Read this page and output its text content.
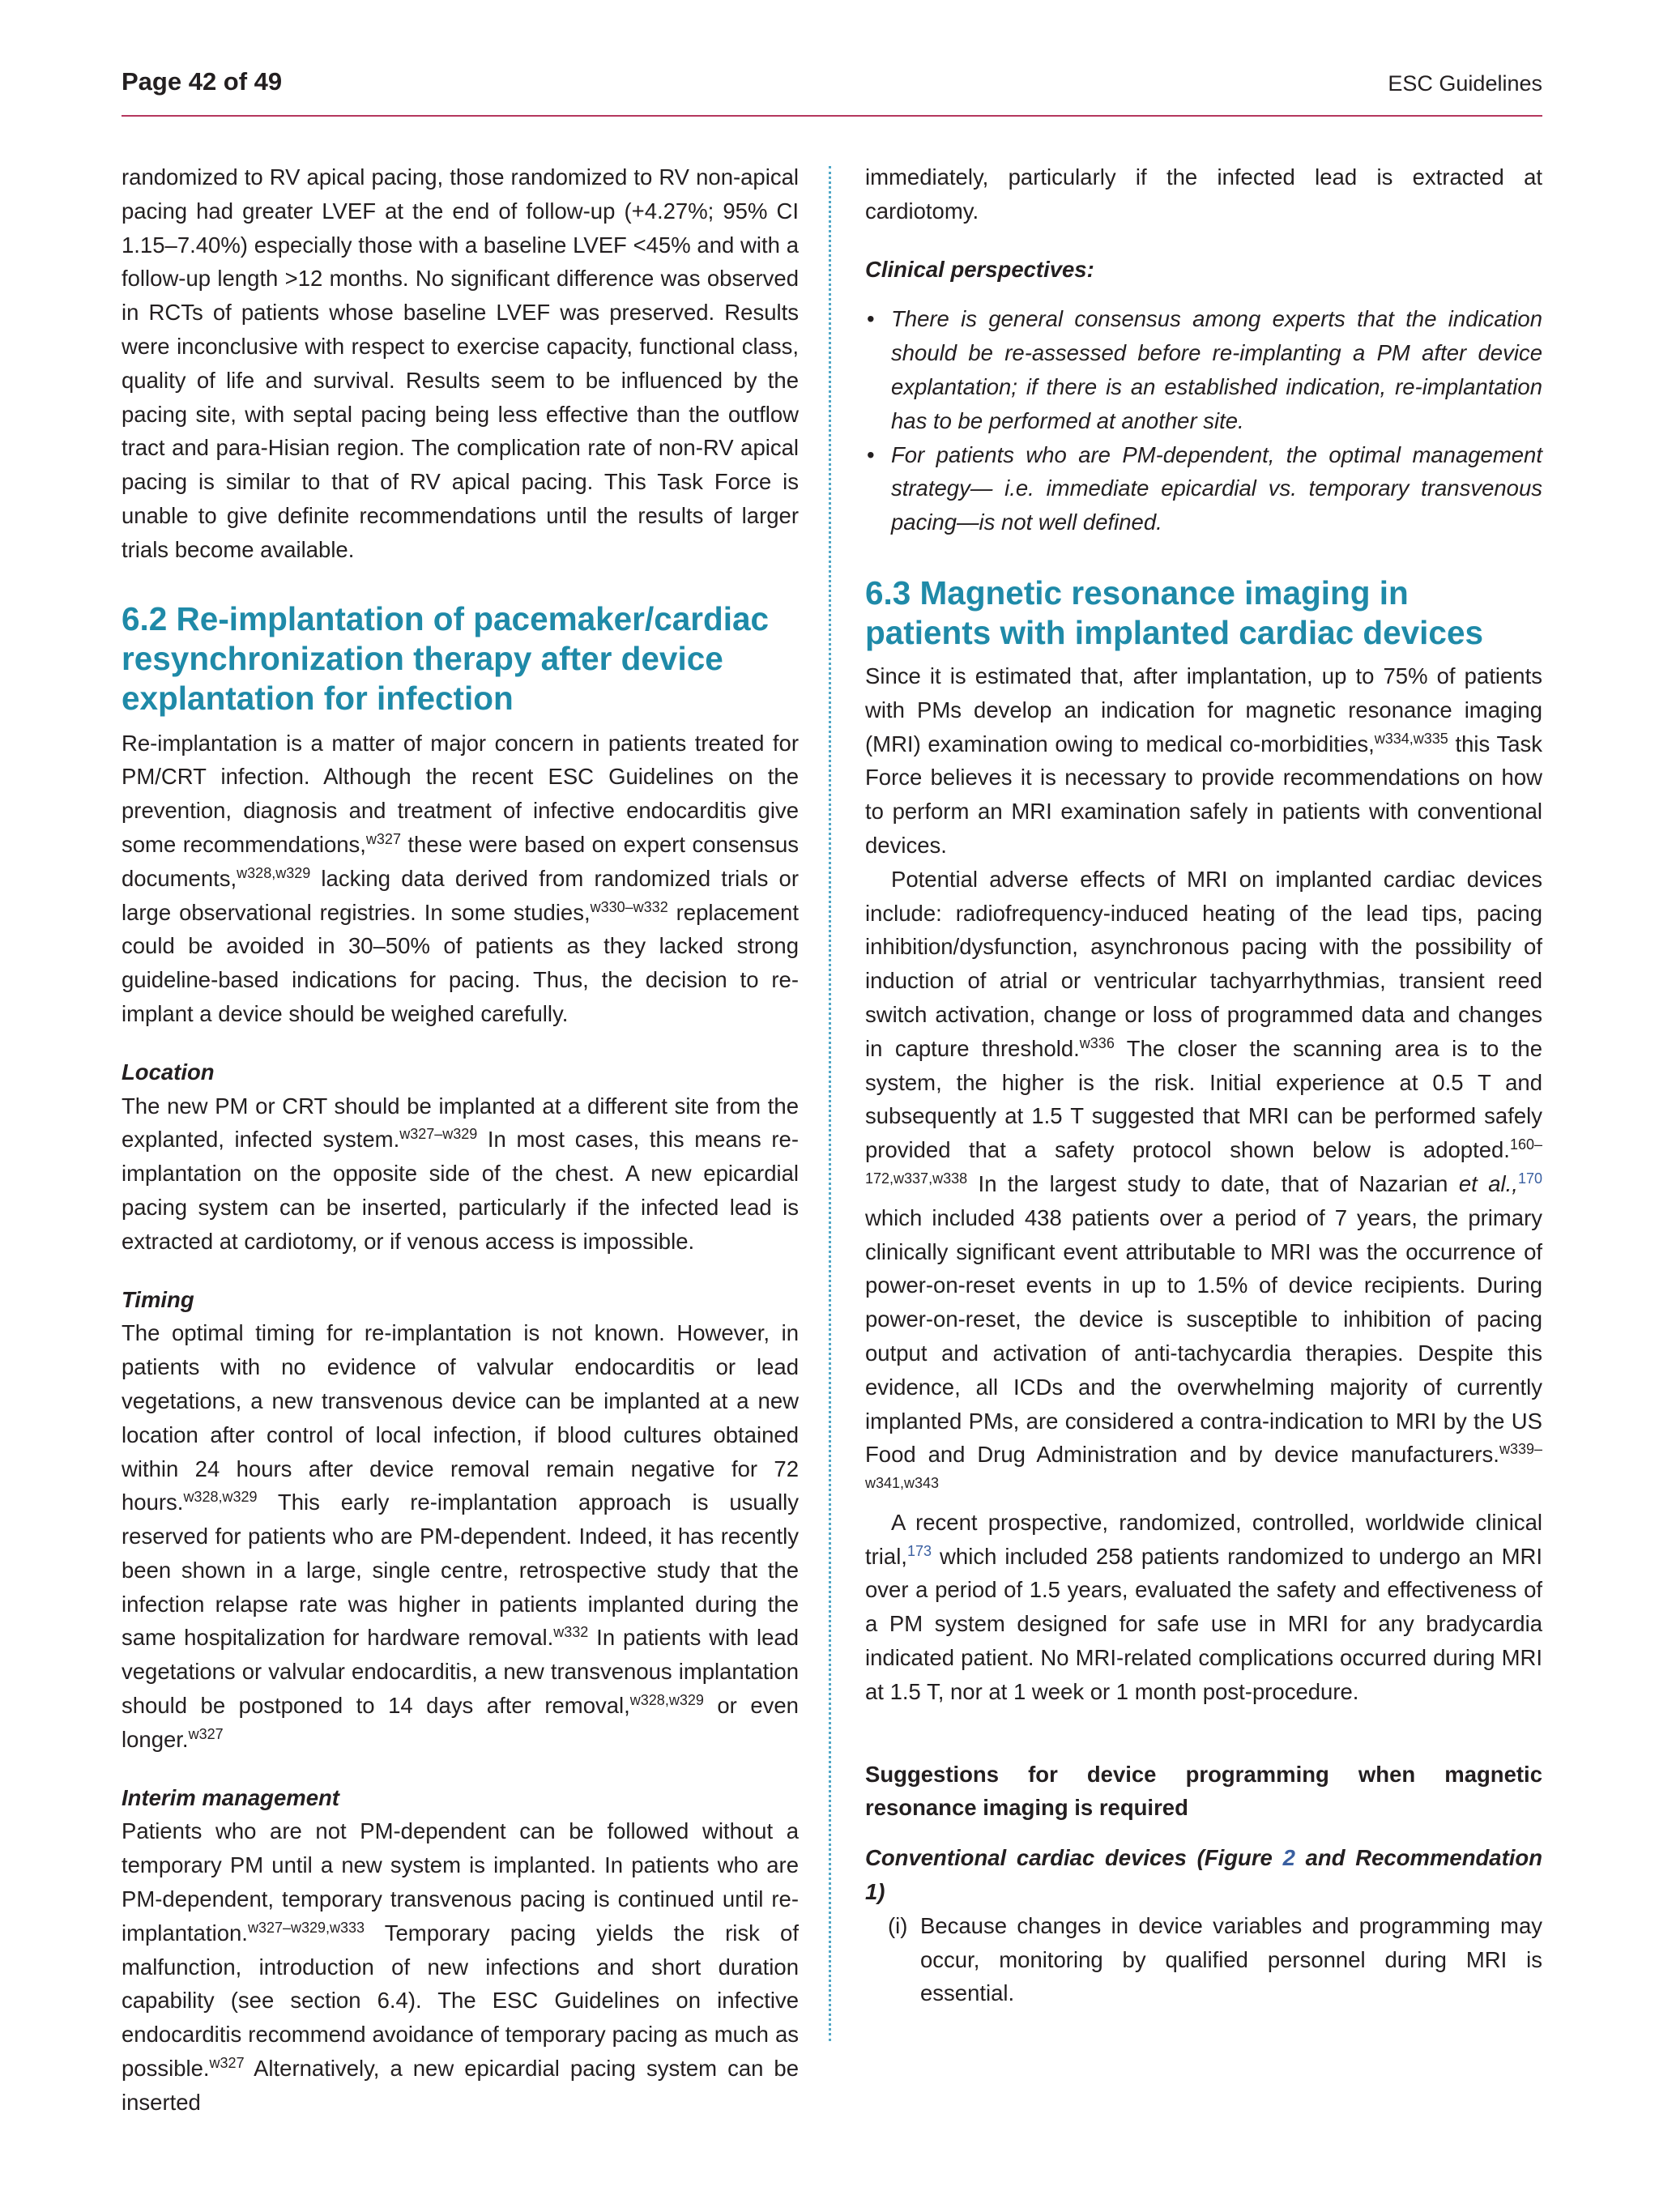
Page 42 of 49	ESC Guidelines

randomized to RV apical pacing, those randomized to RV non-apical pacing had greater LVEF at the end of follow-up (+4.27%; 95% CI 1.15–7.40%) especially those with a baseline LVEF <45% and with a follow-up length >12 months. No significant difference was observed in RCTs of patients whose baseline LVEF was preserved. Results were inconclusive with respect to exercise capacity, functional class, quality of life and survival. Results seem to be influenced by the pacing site, with septal pacing being less effective than the outflow tract and para-Hisian region. The complication rate of non-RV apical pacing is similar to that of RV apical pacing. This Task Force is unable to give definite recommendations until the results of larger trials become available.

6.2 Re-implantation of pacemaker/cardiac resynchronization therapy after device explantation for infection

Re-implantation is a matter of major concern in patients treated for PM/CRT infection. Although the recent ESC Guidelines on the prevention, diagnosis and treatment of infective endocarditis give some recommendations,$^{w327}$ these were based on expert consensus documents,$^{w328,w329}$ lacking data derived from randomized trials or large observational registries. In some studies,$^{w330-w332}$ replacement could be avoided in 30–50% of patients as they lacked strong guideline-based indications for pacing. Thus, the decision to re-implant a device should be weighed carefully.

Location

The new PM or CRT should be implanted at a different site from the explanted, infected system.$^{w327-w329}$ In most cases, this means re-implantation on the opposite side of the chest. A new epicardial pacing system can be inserted, particularly if the infected lead is extracted at cardiotomy, or if venous access is impossible.

Timing

The optimal timing for re-implantation is not known. However, in patients with no evidence of valvular endocarditis or lead vegetations, a new transvenous device can be implanted at a new location after control of local infection, if blood cultures obtained within 24 hours after device removal remain negative for 72 hours.$^{w328,w329}$ This early re-implantation approach is usually reserved for patients who are PM-dependent. Indeed, it has recently been shown in a large, single centre, retrospective study that the infection relapse rate was higher in patients implanted during the same hospitalization for hardware removal.$^{w332}$ In patients with lead vegetations or valvular endocarditis, a new transvenous implantation should be postponed to 14 days after removal,$^{w328,w329}$ or even longer.$^{w327}$

Interim management

Patients who are not PM-dependent can be followed without a temporary PM until a new system is implanted. In patients who are PM-dependent, temporary transvenous pacing is continued until re-implantation.$^{w327-w329,w333}$ Temporary pacing yields the risk of malfunction, introduction of new infections and short duration capability (see section 6.4). The ESC Guidelines on infective endocarditis recommend avoidance of temporary pacing as much as possible.$^{w327}$ Alternatively, a new epicardial pacing system can be inserted

immediately, particularly if the infected lead is extracted at cardiotomy.

Clinical perspectives:

• There is general consensus among experts that the indication should be re-assessed before re-implanting a PM after device explantation; if there is an established indication, re-implantation has to be performed at another site.
• For patients who are PM-dependent, the optimal management strategy— i.e. immediate epicardial vs. temporary transvenous pacing—is not well defined.
6.3 Magnetic resonance imaging in patients with implanted cardiac devices

Since it is estimated that, after implantation, up to 75% of patients with PMs develop an indication for magnetic resonance imaging (MRI) examination owing to medical co-morbidities,$^{w334,w335}$ this Task Force believes it is necessary to provide recommendations on how to perform an MRI examination safely in patients with conventional devices.

Potential adverse effects of MRI on implanted cardiac devices include: radiofrequency-induced heating of the lead tips, pacing inhibition/dysfunction, asynchronous pacing with the possibility of induction of atrial or ventricular tachyarrhythmias, transient reed switch activation, change or loss of programmed data and changes in capture threshold.$^{w336}$ The closer the scanning area is to the system, the higher is the risk. Initial experience at 0.5 T and subsequently at 1.5 T suggested that MRI can be performed safely provided that a safety protocol shown below is adopted.$^{160-172,w337,w338}$ In the largest study to date, that of Nazarian et al.,$^{170}$ which included 438 patients over a period of 7 years, the primary clinically significant event attributable to MRI was the occurrence of power-on-reset events in up to 1.5% of device recipients. During power-on-reset, the device is susceptible to inhibition of pacing output and activation of anti-tachycardia therapies. Despite this evidence, all ICDs and the overwhelming majority of currently implanted PMs, are considered a contra-indication to MRI by the US Food and Drug Administration and by device manufacturers.$^{w339-w341,w343}$

A recent prospective, randomized, controlled, worldwide clinical trial,$^{173}$ which included 258 patients randomized to undergo an MRI over a period of 1.5 years, evaluated the safety and effectiveness of a PM system designed for safe use in MRI for any bradycardia indicated patient. No MRI-related complications occurred during MRI at 1.5 T, nor at 1 week or 1 month post-procedure.

Suggestions for device programming when magnetic resonance imaging is required

Conventional cardiac devices (Figure 2 and Recommendation 1)

(i) Because changes in device variables and programming may occur, monitoring by qualified personnel during MRI is essential.
